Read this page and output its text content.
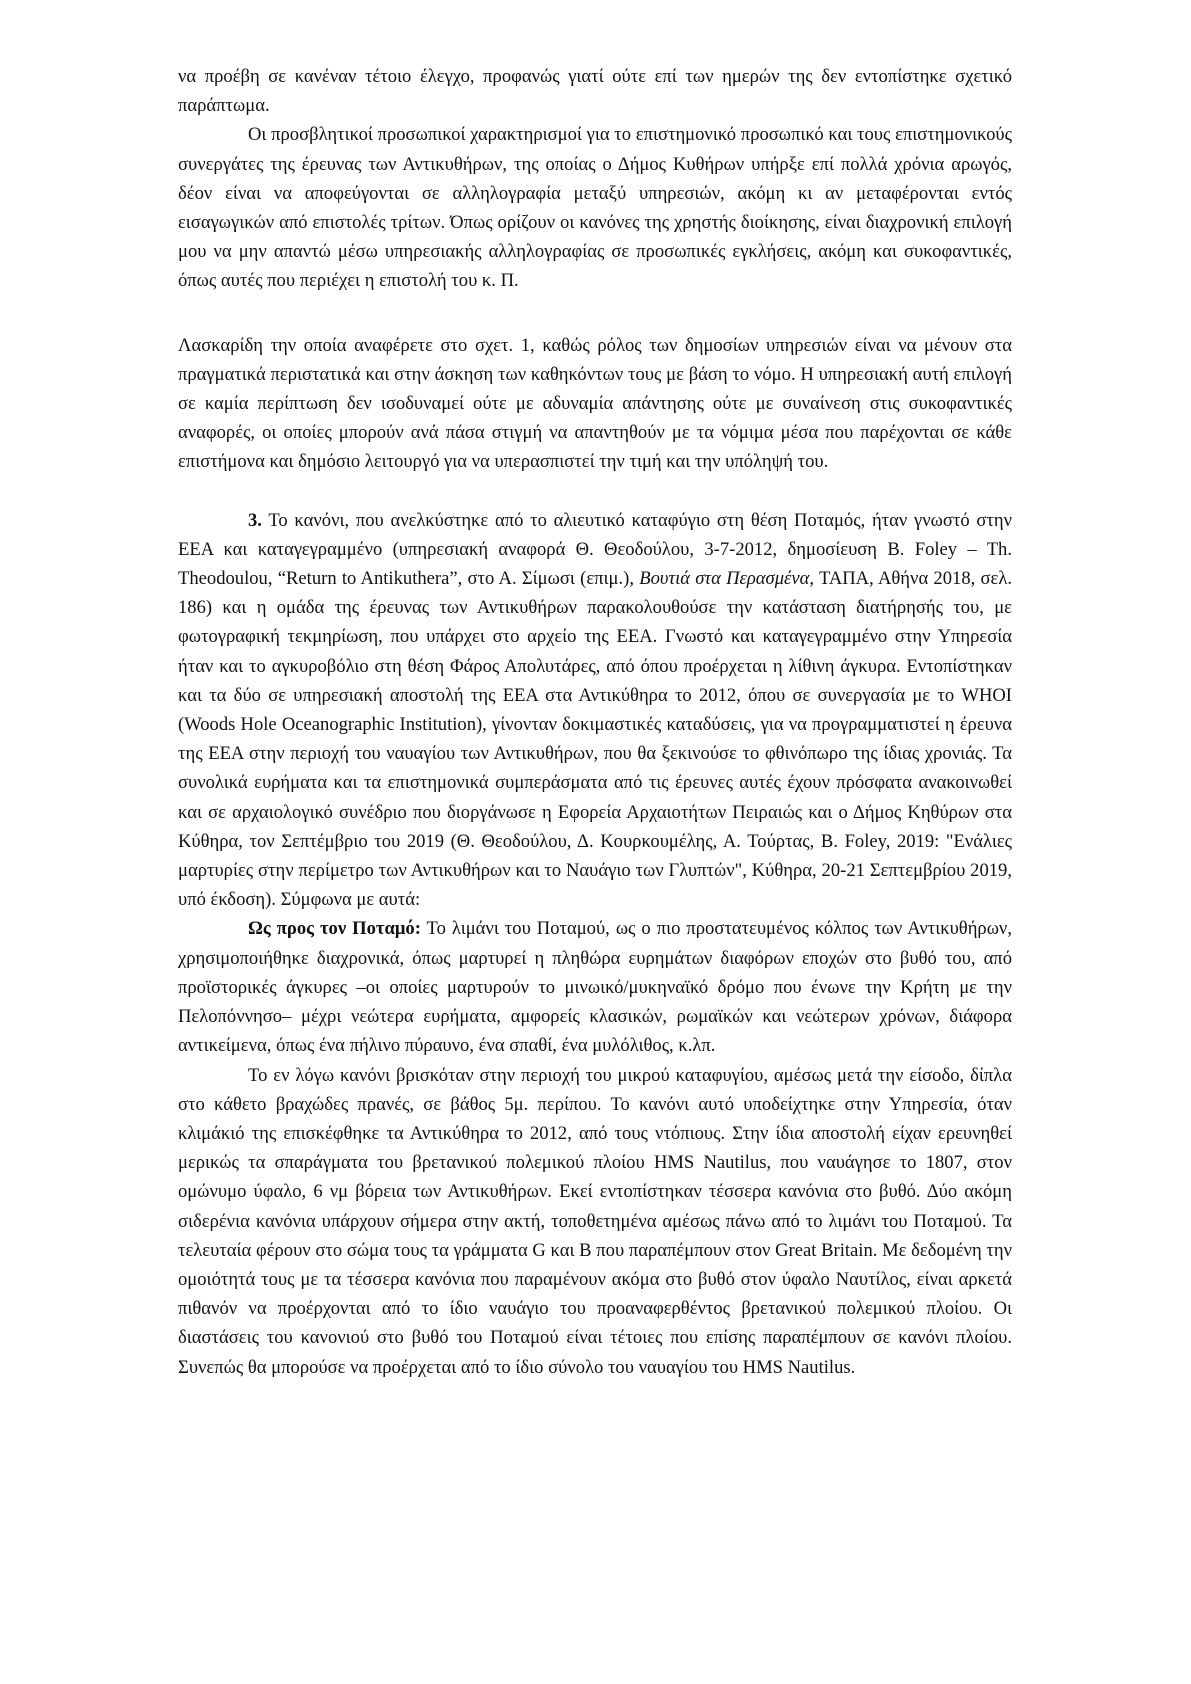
να προέβη σε κανέναν τέτοιο έλεγχο, προφανώς γιατί ούτε επί των ημερών της δεν εντοπίστηκε σχετικό παράπτωμα.

Οι προσβλητικοί προσωπικοί χαρακτηρισμοί για το επιστημονικό προσωπικό και τους επιστημονικούς συνεργάτες της έρευνας των Αντικυθήρων, της οποίας ο Δήμος Κυθήρων υπήρξε επί πολλά χρόνια αρωγός, δέον είναι να αποφεύγονται σε αλληλογραφία μεταξύ υπηρεσιών, ακόμη κι αν μεταφέρονται εντός εισαγωγικών από επιστολές τρίτων. Όπως ορίζουν οι κανόνες της χρηστής διοίκησης, είναι διαχρονική επιλογή μου να μην απαντώ μέσω υπηρεσιακής αλληλογραφίας σε προσωπικές εγκλήσεις, ακόμη και συκοφαντικές, όπως αυτές που περιέχει η επιστολή του κ. Π.

Λασκαρίδη την οποία αναφέρετε στο σχετ. 1, καθώς ρόλος των δημοσίων υπηρεσιών είναι να μένουν στα πραγματικά περιστατικά και στην άσκηση των καθηκόντων τους με βάση το νόμο. Η υπηρεσιακή αυτή επιλογή σε καμία περίπτωση δεν ισοδυναμεί ούτε με αδυναμία απάντησης ούτε με συναίνεση στις συκοφαντικές αναφορές, οι οποίες μπορούν ανά πάσα στιγμή να απαντηθούν με τα νόμιμα μέσα που παρέχονται σε κάθε επιστήμονα και δημόσιο λειτουργό για να υπερασπιστεί την τιμή και την υπόληψή του.

3. Το κανόνι, που ανελκύστηκε από το αλιευτικό καταφύγιο στη θέση Ποταμός, ήταν γνωστό στην ΕΕΑ και καταγεγραμμένο (υπηρεσιακή αναφορά Θ. Θεοδούλου, 3-7-2012, δημοσίευση B. Foley – Th. Theodoulou, “Return to Antikuthera”, στο Α. Σίμωσι (επιμ.), Βουτιά στα Περασμένα, ΤΑΠΑ, Αθήνα 2018, σελ. 186) και η ομάδα της έρευνας των Αντικυθήρων παρακολουθούσε την κατάσταση διατήρησής του, με φωτογραφική τεκμηρίωση, που υπάρχει στο αρχείο της ΕΕΑ. Γνωστό και καταγεγραμμένο στην Υπηρεσία ήταν και το αγκυροβόλιο στη θέση Φάρος Απολυτάρες, από όπου προέρχεται η λίθινη άγκυρα. Εντοπίστηκαν και τα δύο σε υπηρεσιακή αποστολή της ΕΕΑ στα Αντικύθηρα το 2012, όπου σε συνεργασία με το WHOI (Woods Hole Oceanographic Institution), γίνονταν δοκιμαστικές καταδύσεις, για να προγραμματιστεί η έρευνα της ΕΕΑ στην περιοχή του ναυαγίου των Αντικυθήρων, που θα ξεκινούσε το φθινόπωρο της ίδιας χρονιάς. Τα συνολικά ευρήματα και τα επιστημονικά συμπεράσματα από τις έρευνες αυτές έχουν πρόσφατα ανακοινωθεί και σε αρχαιολογικό συνέδριο που διοργάνωσε η Εφορεία Αρχαιοτήτων Πειραιώς και ο Δήμος Κηθύρων στα Κύθηρα, τον Σεπτέμβριο του 2019 (Θ. Θεοδούλου, Δ. Κουρκουμέλης, Α. Τούρτας, B. Foley, 2019: "Ενάλιες μαρτυρίες στην περίμετρο των Αντικυθήρων και το Ναυάγιο των Γλυπτών", Κύθηρα, 20-21 Σεπτεμβρίου 2019, υπό έκδοση). Σύμφωνα με αυτά:

Ως προς τον Ποταμό: Το λιμάνι του Ποταμού, ως ο πιο προστατευμένος κόλπος των Αντικυθήρων, χρησιμοποιήθηκε διαχρονικά, όπως μαρτυρεί η πληθώρα ευρημάτων διαφόρων εποχών στο βυθό του, από προϊστορικές άγκυρες –οι οποίες μαρτυρούν το μινωικό/μυκηναϊκό δρόμο που ένωνε την Κρήτη με την Πελοπόννησο– μέχρι νεώτερα ευρήματα, αμφορείς κλασικών, ρωμαϊκών και νεώτερων χρόνων, διάφορα αντικείμενα, όπως ένα πήλινο πύραυνο, ένα σπαθί, ένα μυλόλιθος, κ.λπ.

Το εν λόγω κανόνι βρισκόταν στην περιοχή του μικρού καταφυγίου, αμέσως μετά την είσοδο, δίπλα στο κάθετο βραχώδες πρανές, σε βάθος 5μ. περίπου. Το κανόνι αυτό υποδείχτηκε στην Υπηρεσία, όταν κλιμάκιό της επισκέφθηκε τα Αντικύθηρα το 2012, από τους ντόπιους. Στην ίδια αποστολή είχαν ερευνηθεί μερικώς τα σπαράγματα του βρετανικού πολεμικού πλοίου HMS Nautilus, που ναυάγησε το 1807, στον ομώνυμο ύφαλο, 6 νμ βόρεια των Αντικυθήρων. Εκεί εντοπίστηκαν τέσσερα κανόνια στο βυθό. Δύο ακόμη σιδερένια κανόνια υπάρχουν σήμερα στην ακτή, τοποθετημένα αμέσως πάνω από το λιμάνι του Ποταμού. Τα τελευταία φέρουν στο σώμα τους τα γράμματα G και B που παραπέμπουν στον Great Britain. Με δεδομένη την ομοιότητά τους με τα τέσσερα κανόνια που παραμένουν ακόμα στο βυθό στον ύφαλο Ναυτίλος, είναι αρκετά πιθανόν να προέρχονται από το ίδιο ναυάγιο του προαναφερθέντος βρετανικού πολεμικού πλοίου. Οι διαστάσεις του κανονιού στο βυθό του Ποταμού είναι τέτοιες που επίσης παραπέμπουν σε κανόνι πλοίου. Συνεπώς θα μπορούσε να προέρχεται από το ίδιο σύνολο του ναυαγίου του HMS Nautilus.
